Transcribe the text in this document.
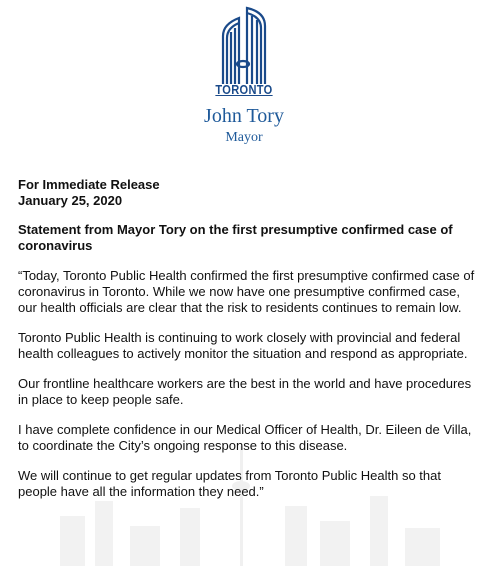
TORONTO
John Tory
Mayor
For Immediate Release
January 25, 2020
Statement from Mayor Tory on the first presumptive confirmed case of coronavirus

“Today, Toronto Public Health confirmed the first presumptive confirmed case of coronavirus in Toronto. While we now have one presumptive confirmed case, our health officials are clear that the risk to residents continues to remain low.

Toronto Public Health is continuing to work closely with provincial and federal health colleagues to actively monitor the situation and respond as appropriate.

Our frontline healthcare workers are the best in the world and have procedures in place to keep people safe.

I have complete confidence in our Medical Officer of Health, Dr. Eileen de Villa, to coordinate the City’s ongoing response to this disease.

We will continue to get regular updates from Toronto Public Health so that people have all the information they need.”
